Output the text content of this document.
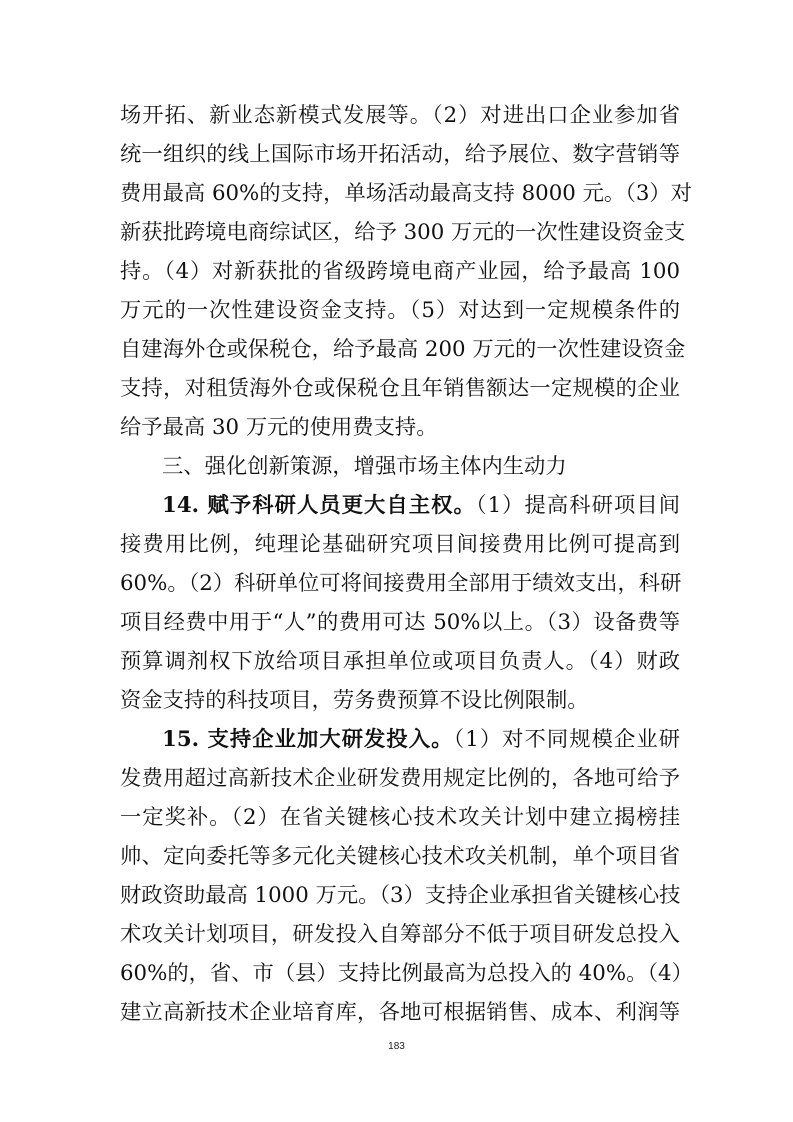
场开拓、新业态新模式发展等。（2）对进出口企业参加省
统一组织的线上国际市场开拓活动，给予展位、数字营销等
费用最高 60%的支持，单场活动最高支持 8000 元。（3）对
新获批跨境电商综试区，给予 300 万元的一次性建设资金支
持。（4）对新获批的省级跨境电商产业园，给予最高 100
万元的一次性建设资金支持。（5）对达到一定规模条件的
自建海外仓或保税仓，给予最高 200 万元的一次性建设资金
支持，对租赁海外仓或保税仓且年销售额达一定规模的企业
给予最高 30 万元的使用费支持。
三、强化创新策源，增强市场主体内生动力
14. 赋予科研人员更大自主权。（1）提高科研项目间
接费用比例，纯理论基础研究项目间接费用比例可提高到
60%。（2）科研单位可将间接费用全部用于绩效支出，科研
项目经费中用于“人”的费用可达 50%以上。（3）设备费等
预算调剂权下放给项目承担单位或项目负责人。（4）财政
资金支持的科技项目，劳务费预算不设比例限制。
15. 支持企业加大研发投入。（1）对不同规模企业研
发费用超过高新技术企业研发费用规定比例的，各地可给予
一定奖补。（2）在省关键核心技术攻关计划中建立揭榜挂
帅、定向委托等多元化关键核心技术攻关机制，单个项目省
财政资助最高 1000 万元。（3）支持企业承担省关键核心技
术攻关计划项目，研发投入自筹部分不低于项目研发总投入
60%的，省、市（县）支持比例最高为总投入的 40%。（4）
建立高新技术企业培育库，各地可根据销售、成本、利润等
183
